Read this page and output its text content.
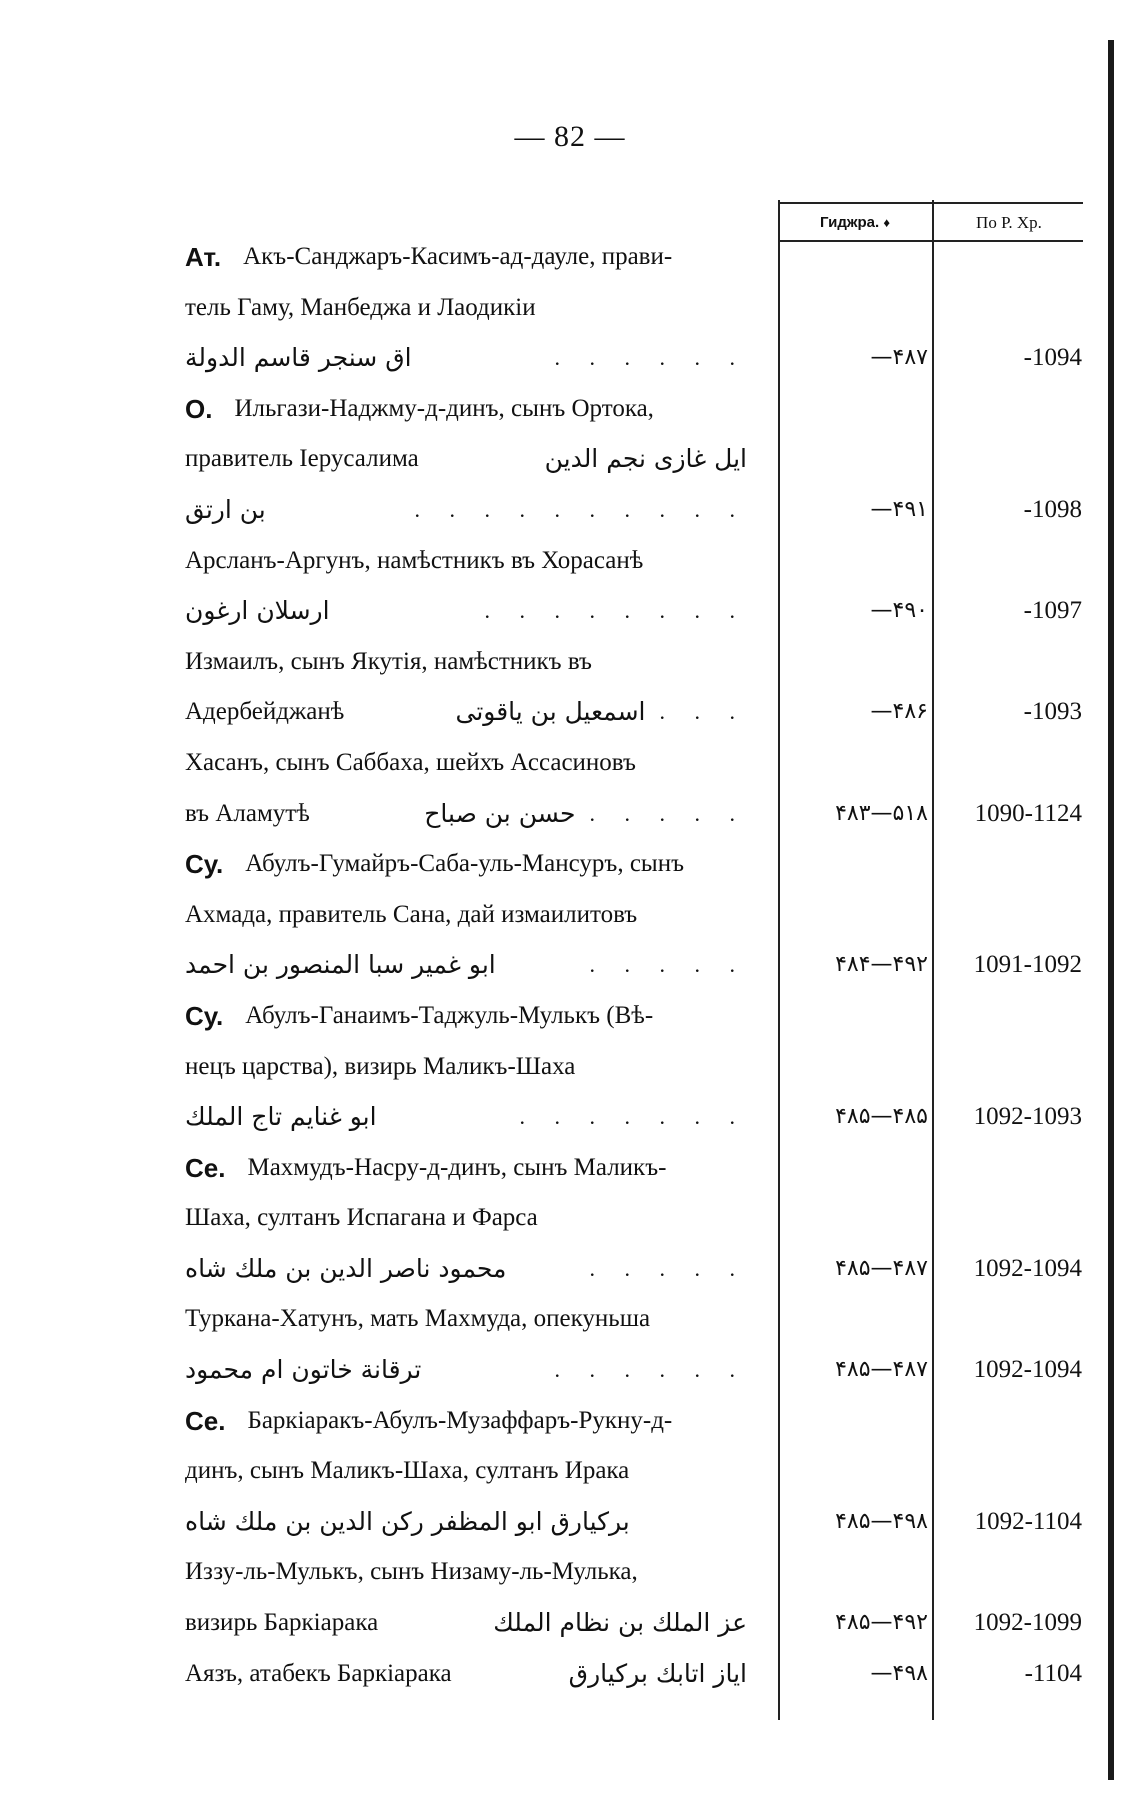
— 82 —
Гиджра. ♦	По Р. Хр.
Ат. Акъ-Санджаръ-Касимъ-ад-дауле, прави-
тель Гаму, Манбеджа и Лаодикіи
اق سنجر قاسم الدولة	. . . . . .	—۴۸۷	-1094
О. Ильгази-Наджму-д-динъ, сынъ Ортока,
правитель Іерусалима	ايل غازى نجم الدين
بن ارتق	. . . . . . . . . .	—۴۹۱	-1098
Арсланъ-Аргунъ, намѣстникъ въ Хорасанѣ
ارسلان ارغون	. . . . . . . .	—۴۹۰	-1097
Измаилъ, сынъ Якутія, намѣстникъ въ
Адербейджанѣ	اسمعيل بن ياقوتى . . .	—۴۸۶	-1093
Хасанъ, сынъ Саббаха, шейхъ Ассасиновъ
въ Аламутѣ	حسن بن صباح . . . . .	۴۸۳—۵۱۸	1090-1124
Су. Абулъ-Гумайръ-Саба-уль-Мансуръ, сынъ
Ахмада, правитель Сана, дай измаилитовъ
ابو غمير سبا المنصور بن احمد	. . . . .	۴۸۴—۴۹۲	1091-1092
Су. Абулъ-Ганаимъ-Таджуль-Мулькъ (Вѣ-
нецъ царства), визирь Маликъ-Шаха
ابو غنايم تاج الملك	. . . . . . .	۴۸۵—۴۸۵	1092-1093
Се. Махмудъ-Насру-д-динъ, сынъ Маликъ-
Шаха, султанъ Испагана и Фарса
محمود ناصر الدين بن ملك شاه	. . . . .	۴۸۵—۴۸۷	1092-1094
Туркана-Хатунъ, мать Махмуда, опекуньша
ترقانة خاتون ام محمود	. . . . . .	۴۸۵—۴۸۷	1092-1094
Се. Баркіаракъ-Абулъ-Музаффаръ-Рукну-д-
динъ, сынъ Маликъ-Шаха, султанъ Ирака
بركيارق ابو المظفر ركن الدين بن ملك شاه	۴۸۵—۴۹۸	1092-1104
Иззу-ль-Мулькъ, сынъ Низаму-ль-Мулька,
визирь Баркіарака	عز الملك بن نظام الملك	۴۸۵—۴۹۲	1092-1099
Аязъ, атабекъ Баркіарака	اياز اتابك بركيارق	—۴۹۸	-1104
